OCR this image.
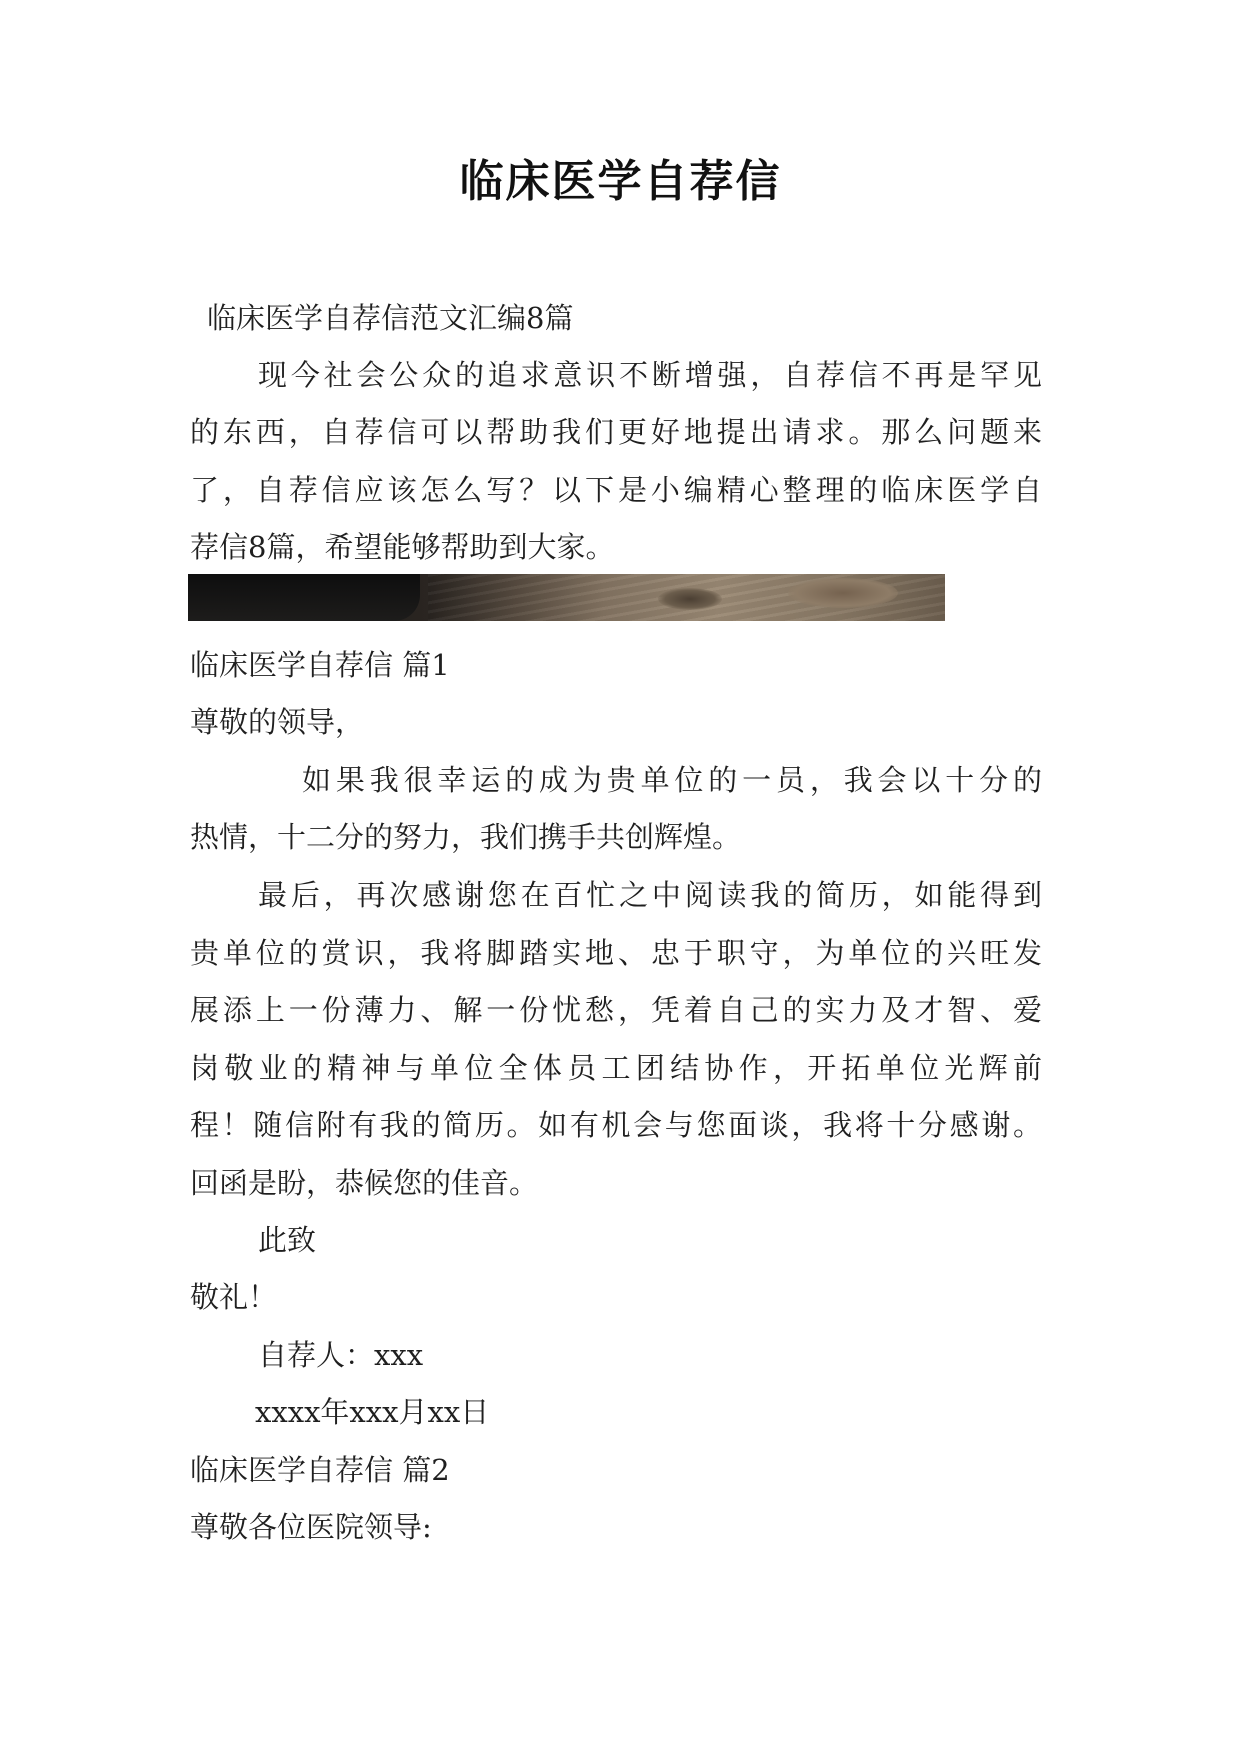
临床医学自荐信
临床医学自荐信范文汇编8篇
现今社会公众的追求意识不断增强，自荐信不再是罕见
的东西，自荐信可以帮助我们更好地提出请求。那么问题来
了，自荐信应该怎么写？以下是小编精心整理的临床医学自
荐信8篇，希望能够帮助到大家。
临床医学自荐信 篇1
尊敬的领导，
如果我很幸运的成为贵单位的一员，我会以十分的
热情，十二分的努力，我们携手共创辉煌。
最后，再次感谢您在百忙之中阅读我的简历，如能得到
贵单位的赏识，我将脚踏实地、忠于职守，为单位的兴旺发
展添上一份薄力、解一份忧愁，凭着自己的实力及才智、爱
岗敬业的精神与单位全体员工团结协作，开拓单位光辉前
程！随信附有我的简历。如有机会与您面谈，我将十分感谢。
回函是盼，恭候您的佳音。
此致
敬礼！
自荐人：xxx
xxxx年xxx月xx日
临床医学自荐信 篇2
尊敬各位医院领导:
